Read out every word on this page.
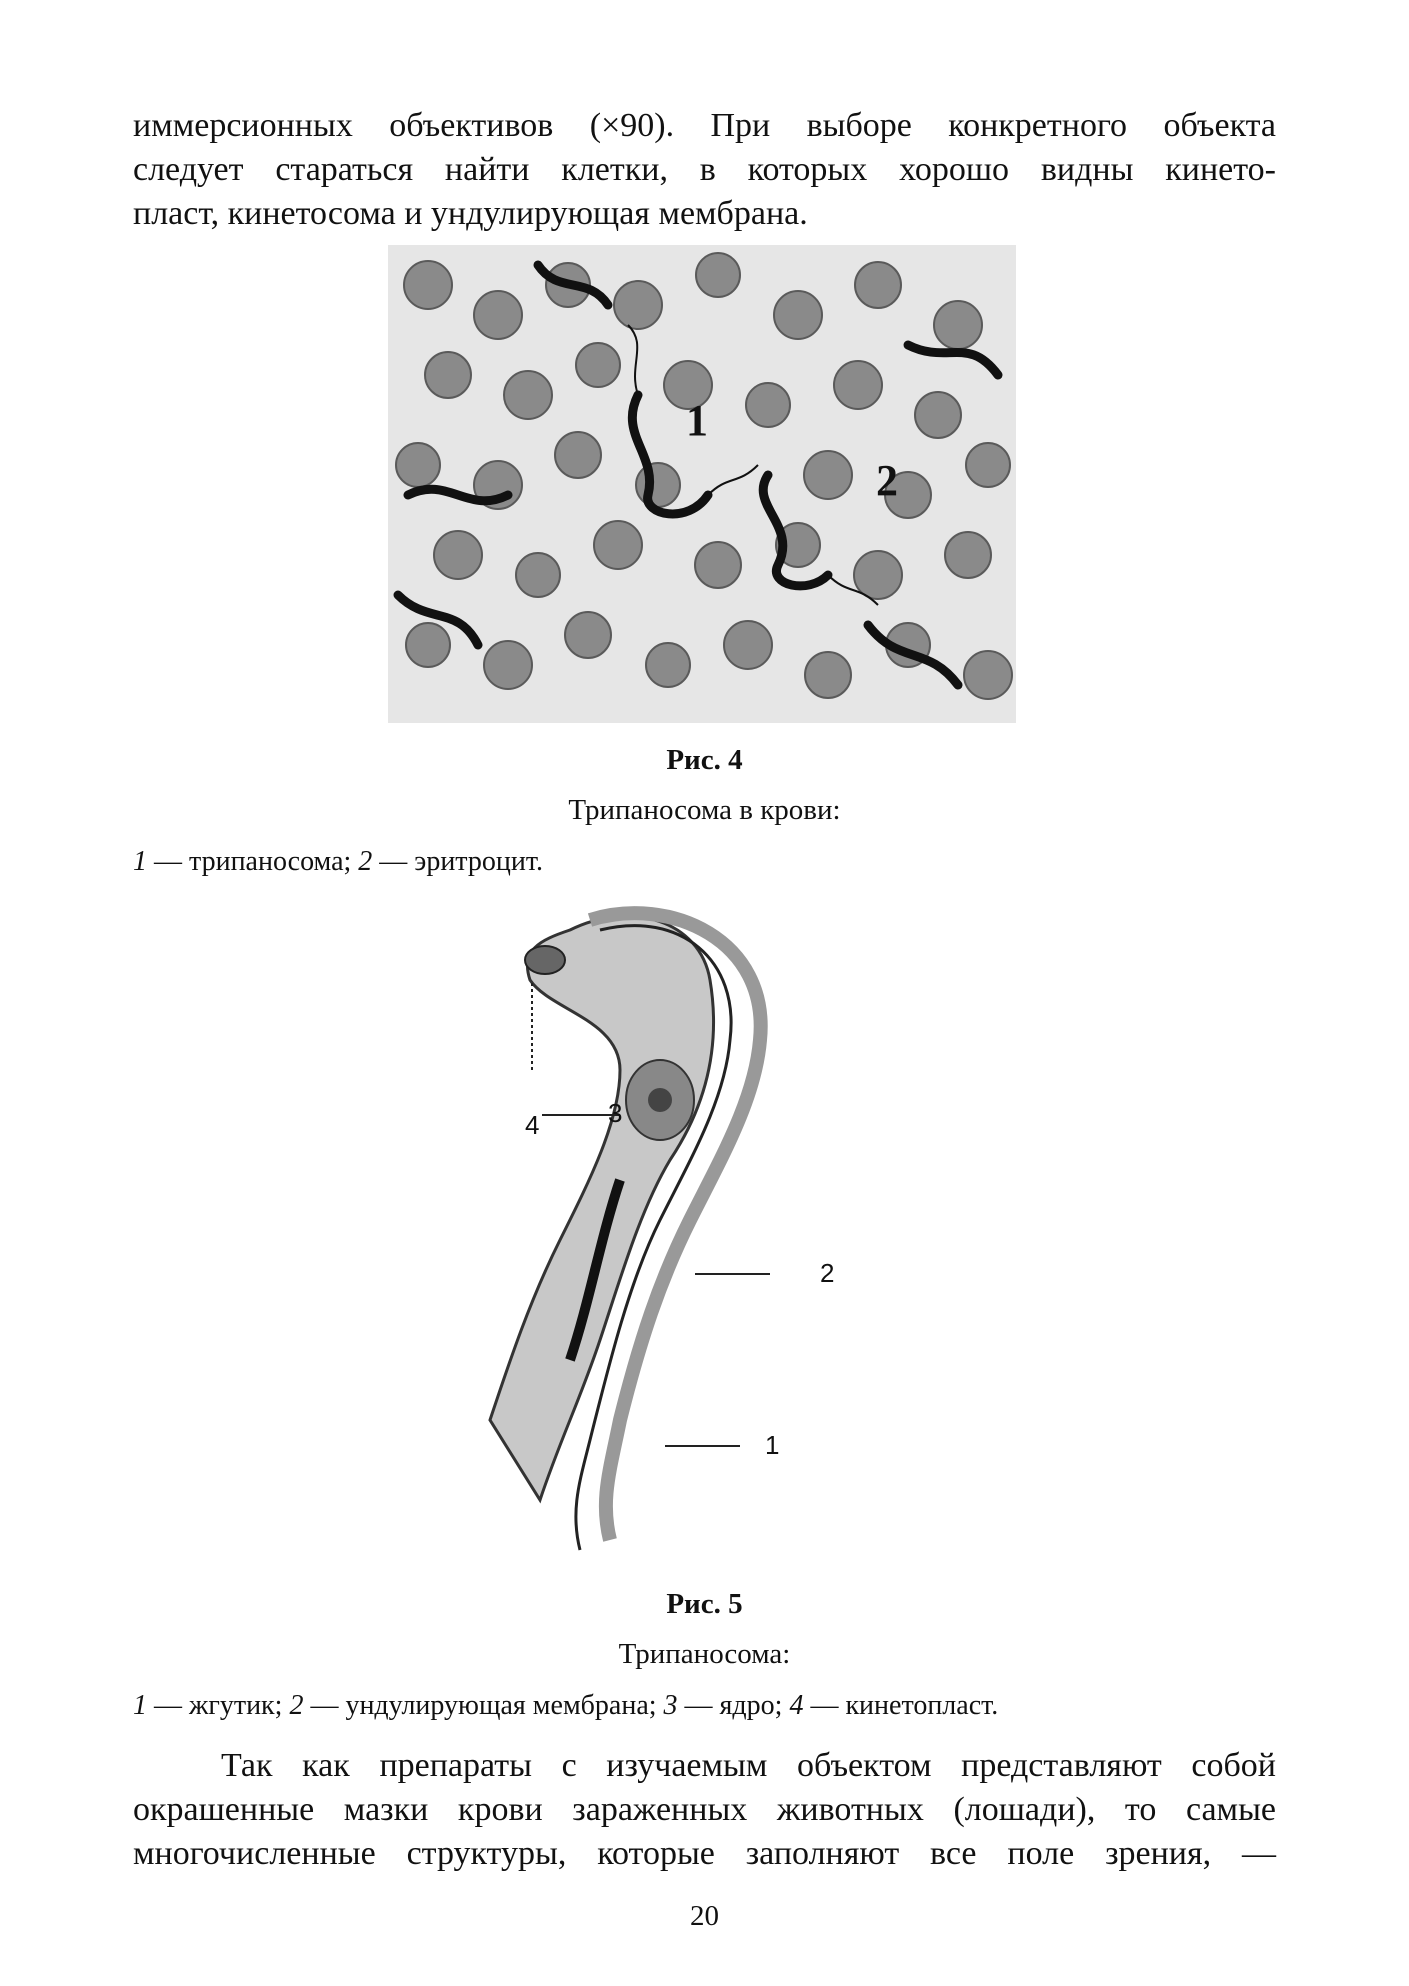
иммерсионных объективов (×90). При выборе конкретного объекта
следует стараться найти клетки, в которых хорошо видны кинето-
пласт, кинетосома и ундулирующая мембрана.
1
2
Рис. 4
Трипаносома в крови:
1 — трипаносома; 2 — эритроцит.
4	3
2
1
Рис. 5
Трипаносома:
1 — жгутик; 2 — ундулирующая мембрана; 3 — ядро; 4 — кинетопласт.
Так как препараты с изучаемым объектом представляют собой
окрашенные мазки крови зараженных животных (лошади), то самые
многочисленные структуры, которые заполняют все поле зрения, —
20
